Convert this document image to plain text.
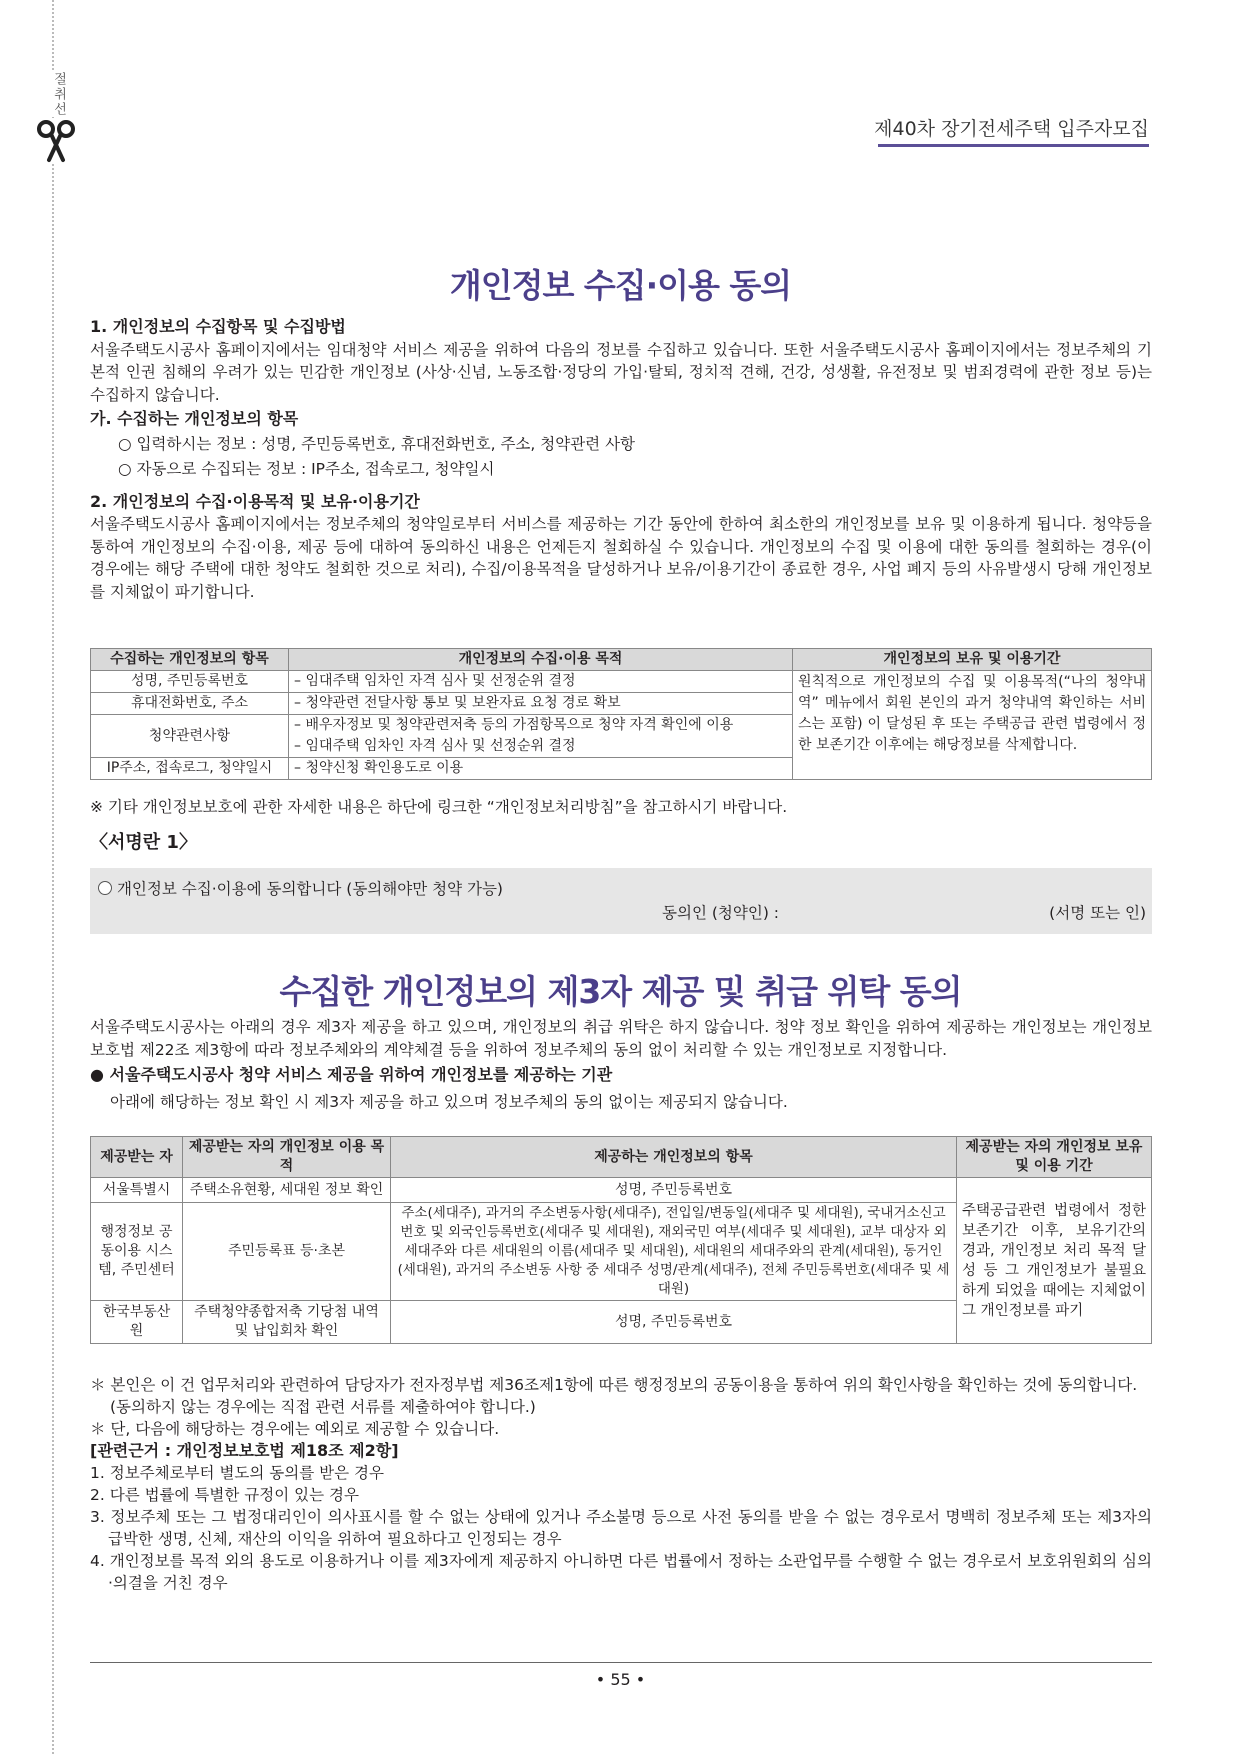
절취선
제40차 장기전세주택 입주자모집
개인정보 수집·이용 동의
1. 개인정보의 수집항목 및 수집방법
서울주택도시공사 홈페이지에서는 임대청약 서비스 제공을 위하여 다음의 정보를 수집하고 있습니다. 또한 서울주택도시공사 홈페이지에서는 정보주체의 기본적 인권 침해의 우려가 있는 민감한 개인정보 (사상·신념, 노동조합·정당의 가입·탈퇴, 정치적 견해, 건강, 성생활, 유전정보 및 범죄경력에 관한 정보 등)는 수집하지 않습니다.
가. 수집하는 개인정보의 항목
○ 입력하시는 정보 : 성명, 주민등록번호, 휴대전화번호, 주소, 청약관련 사항
○ 자동으로 수집되는 정보 : IP주소, 접속로그, 청약일시
2. 개인정보의 수집·이용목적 및 보유·이용기간
서울주택도시공사 홈페이지에서는 정보주체의 청약일로부터 서비스를 제공하는 기간 동안에 한하여 최소한의 개인정보를 보유 및 이용하게 됩니다. 청약등을 통하여 개인정보의 수집·이용, 제공 등에 대하여 동의하신 내용은 언제든지 철회하실 수 있습니다. 개인정보의 수집 및 이용에 대한 동의를 철회하는 경우(이 경우에는 해당 주택에 대한 청약도 철회한 것으로 처리), 수집/이용목적을 달성하거나 보유/이용기간이 종료한 경우, 사업 폐지 등의 사유발생시 당해 개인정보를 지체없이 파기합니다.
수집하는 개인정보의 항목	개인정보의 수집·이용 목적	개인정보의 보유 및 이용기간
성명, 주민등록번호	– 임대주택 임차인 자격 심사 및 선정순위 결정	원칙적으로 개인정보의 수집 및 이용목적(“나의 청약내역” 메뉴에서 회원 본인의 과거 청약내역 확인하는 서비스는 포함) 이 달성된 후 또는 주택공급 관련 법령에서 정한 보존기간 이후에는 해당정보를 삭제합니다.
휴대전화번호, 주소	– 청약관련 전달사항 통보 및 보완자료 요청 경로 확보	
청약관련사항	– 배우자정보 및 청약관련저축 등의 가점항목으로 청약 자격 확인에 이용	
	– 임대주택 임차인 자격 심사 및 선정순위 결정	
IP주소, 접속로그, 청약일시	– 청약신청 확인용도로 이용	
※ 기타 개인정보보호에 관한 자세한 내용은 하단에 링크한 “개인정보처리방침”을 참고하시기 바랍니다.
〈서명란 1〉
개인정보 수집·이용에 동의합니다 (동의해야만 청약 가능)
동의인 (청약인) :	(서명 또는 인)
수집한 개인정보의 제3자 제공 및 취급 위탁 동의
서울주택도시공사는 아래의 경우 제3자 제공을 하고 있으며, 개인정보의 취급 위탁은 하지 않습니다. 청약 정보 확인을 위하여 제공하는 개인정보는 개인정보보호법 제22조 제3항에 따라 정보주체와의 계약체결 등을 위하여 정보주체의 동의 없이 처리할 수 있는 개인정보로 지정합니다.
● 서울주택도시공사 청약 서비스 제공을 위하여 개인정보를 제공하는 기관
아래에 해당하는 정보 확인 시 제3자 제공을 하고 있으며 정보주체의 동의 없이는 제공되지 않습니다.
제공받는 자	제공받는 자의 개인정보 이용 목적	제공하는 개인정보의 항목	제공받는 자의 개인정보 보유 및 이용 기간
서울특별시	주택소유현황, 세대원 정보 확인	성명, 주민등록번호	주택공급관련 법령에서 정한 보존기간 이후, 보유기간의 경과, 개인정보 처리 목적 달성 등 그 개인정보가 불필요하게 되었을 때에는 지체없이 그 개인정보를 파기
행정정보 공동이용 시스템, 주민센터	주민등록표 등·초본	주소(세대주), 과거의 주소변동사항(세대주), 전입일/변동일(세대주 및 세대원), 국내거소신고번호 및 외국인등록번호(세대주 및 세대원), 재외국민 여부(세대주 및 세대원), 교부 대상자 외 세대주와 다른 세대원의 이름(세대주 및 세대원), 세대원의 세대주와의 관계(세대원), 동거인(세대원), 과거의 주소변동 사항 중 세대주 성명/관계(세대주), 전체 주민등록번호(세대주 및 세대원)	
한국부동산원	주택청약종합저축 기당첨 내역 및 납입회차 확인	성명, 주민등록번호	
＊ 본인은 이 건 업무처리와 관련하여 담당자가 전자정부법 제36조제1항에 따른 행정정보의 공동이용을 통하여 위의 확인사항을 확인하는 것에 동의합니다.
(동의하지 않는 경우에는 직접 관련 서류를 제출하여야 합니다.)
＊ 단, 다음에 해당하는 경우에는 예외로 제공할 수 있습니다.
[관련근거 : 개인정보보호법 제18조 제2항]
1. 정보주체로부터 별도의 동의를 받은 경우
2. 다른 법률에 특별한 규정이 있는 경우
3. 정보주체 또는 그 법정대리인이 의사표시를 할 수 없는 상태에 있거나 주소불명 등으로 사전 동의를 받을 수 없는 경우로서 명백히 정보주체 또는 제3자의 급박한 생명, 신체, 재산의 이익을 위하여 필요하다고 인정되는 경우
4. 개인정보를 목적 외의 용도로 이용하거나 이를 제3자에게 제공하지 아니하면 다른 법률에서 정하는 소관업무를 수행할 수 없는 경우로서 보호위원회의 심의·의결을 거친 경우
• 55 •
